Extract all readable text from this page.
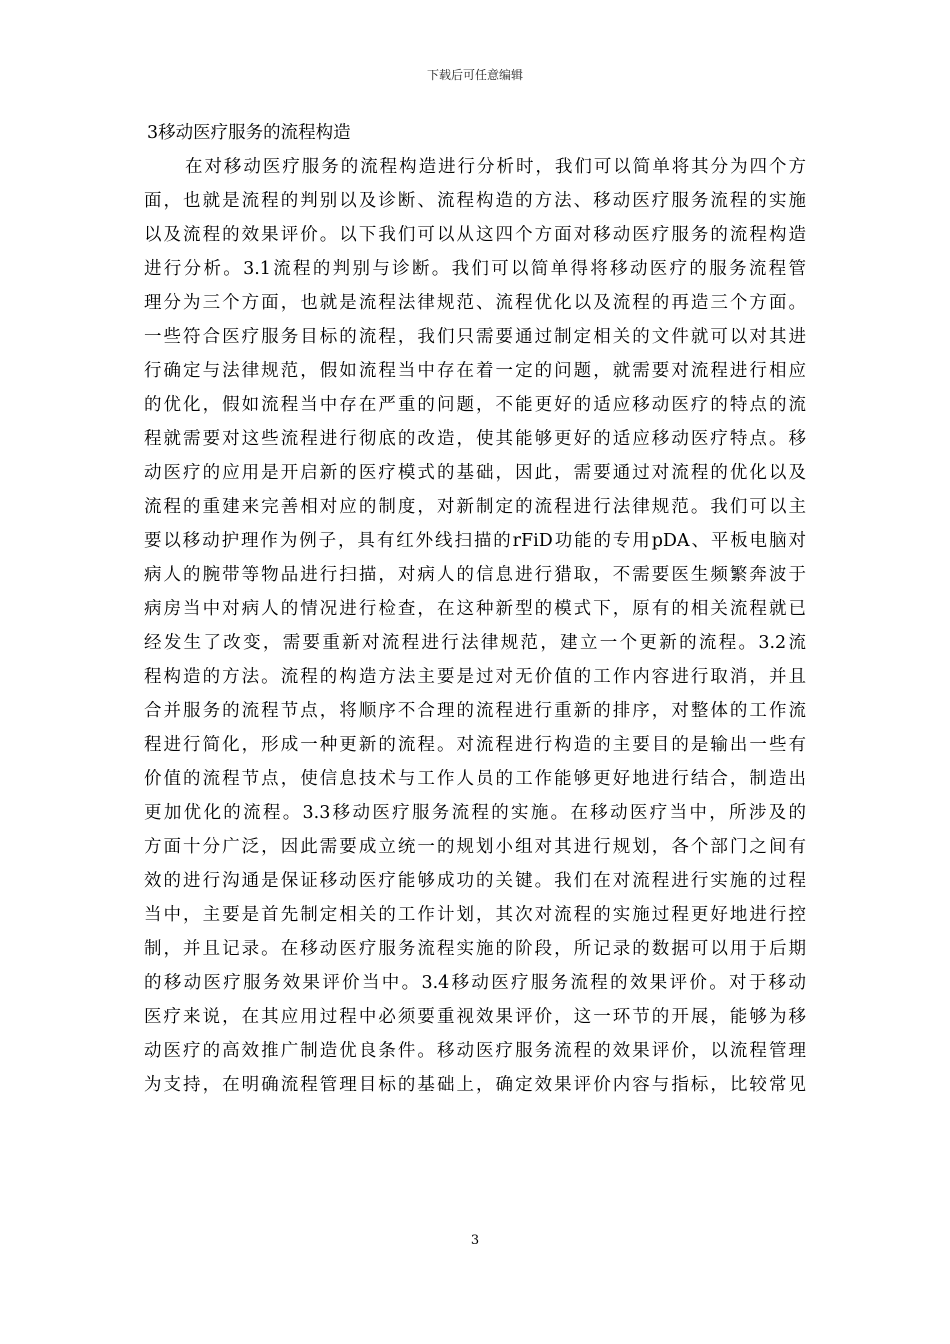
下载后可任意编辑
3移动医疗服务的流程构造
在对移动医疗服务的流程构造进行分析时，我们可以简单将其分为四个方
面，也就是流程的判别以及诊断、流程构造的方法、移动医疗服务流程的实施
以及流程的效果评价。以下我们可以从这四个方面对移动医疗服务的流程构造
进行分析。3.1流程的判别与诊断。我们可以简单得将移动医疗的服务流程管
理分为三个方面，也就是流程法律规范、流程优化以及流程的再造三个方面。
一些符合医疗服务目标的流程，我们只需要通过制定相关的文件就可以对其进
行确定与法律规范，假如流程当中存在着一定的问题，就需要对流程进行相应
的优化，假如流程当中存在严重的问题，不能更好的适应移动医疗的特点的流
程就需要对这些流程进行彻底的改造，使其能够更好的适应移动医疗特点。移
动医疗的应用是开启新的医疗模式的基础，因此，需要通过对流程的优化以及
流程的重建来完善相对应的制度，对新制定的流程进行法律规范。我们可以主
要以移动护理作为例子，具有红外线扫描的rFiD功能的专用pDA、平板电脑对
病人的腕带等物品进行扫描，对病人的信息进行猎取，不需要医生频繁奔波于
病房当中对病人的情况进行检查，在这种新型的模式下，原有的相关流程就已
经发生了改变，需要重新对流程进行法律规范，建立一个更新的流程。3.2流
程构造的方法。流程的构造方法主要是过对无价值的工作内容进行取消，并且
合并服务的流程节点，将顺序不合理的流程进行重新的排序，对整体的工作流
程进行简化，形成一种更新的流程。对流程进行构造的主要目的是输出一些有
价值的流程节点，使信息技术与工作人员的工作能够更好地进行结合，制造出
更加优化的流程。3.3移动医疗服务流程的实施。在移动医疗当中，所涉及的
方面十分广泛，因此需要成立统一的规划小组对其进行规划，各个部门之间有
效的进行沟通是保证移动医疗能够成功的关键。我们在对流程进行实施的过程
当中，主要是首先制定相关的工作计划，其次对流程的实施过程更好地进行控
制，并且记录。在移动医疗服务流程实施的阶段，所记录的数据可以用于后期
的移动医疗服务效果评价当中。3.4移动医疗服务流程的效果评价。对于移动
医疗来说，在其应用过程中必须要重视效果评价，这一环节的开展，能够为移
动医疗的高效推广制造优良条件。移动医疗服务流程的效果评价，以流程管理
为支持，在明确流程管理目标的基础上，确定效果评价内容与指标，比较常见
3
